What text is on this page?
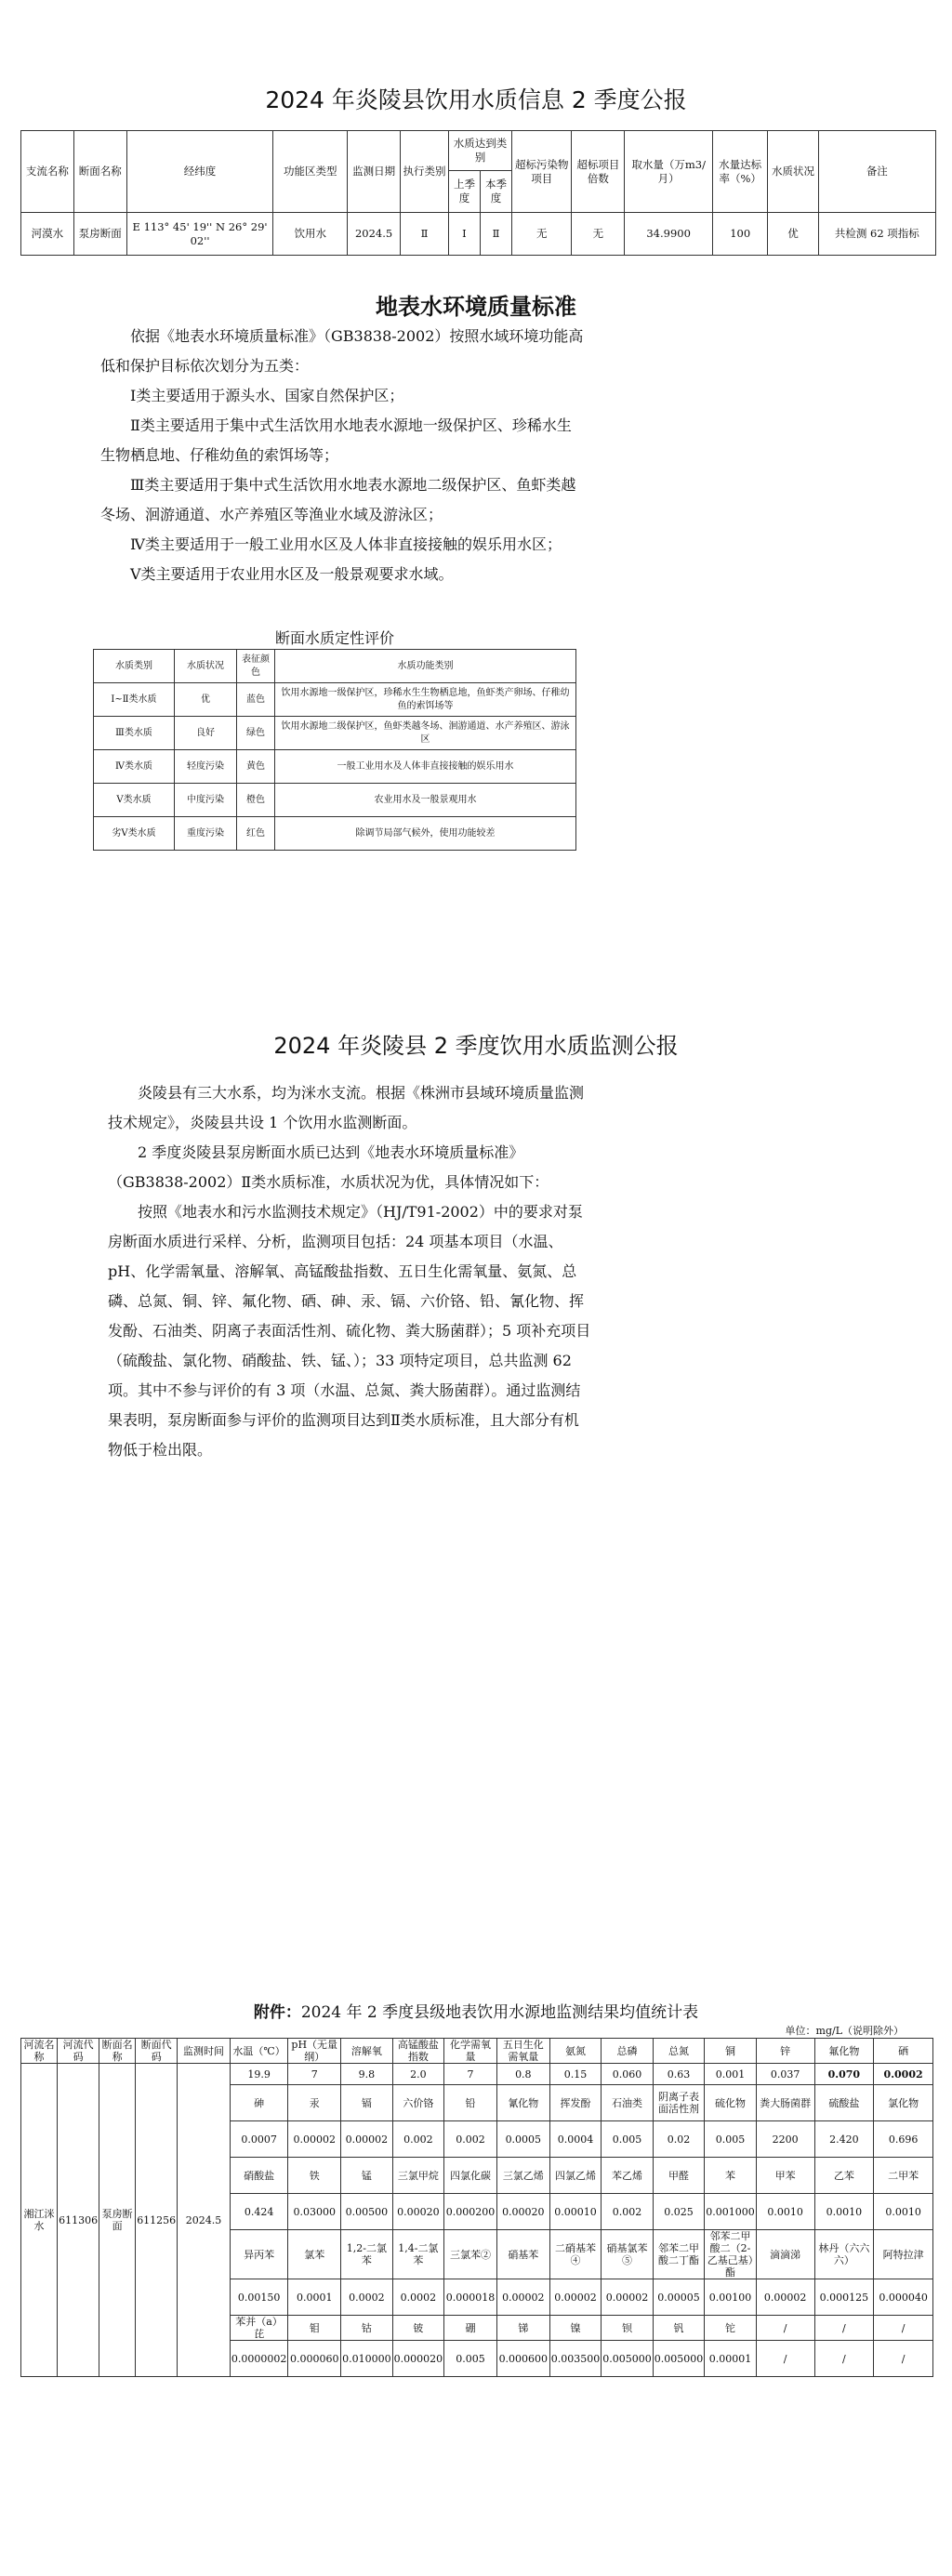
2024 年炎陵县饮用水质信息 2 季度公报
支流名称	断面名称	经纬度	功能区类型	监测日期	执行类别	水质达到类别		超标污染物项目	超标项目倍数	取水量（万m3/月）	水量达标率（%）	水质状况	备注
						上季度	本季度						

河漠水	泵房断面	E 113° 45' 19'' N 26° 29' 02''	饮用水	2024.5	Ⅱ	Ⅰ	Ⅱ	无	无	34.9900	100	优	共检测 62 项指标
地表水环境质量标准

依据《地表水环境质量标准》（GB3838-2002）按照水域环境功能高低和保护目标依次划分为五类：

Ⅰ类主要适用于源头水、国家自然保护区；

Ⅱ类主要适用于集中式生活饮用水地表水源地一级保护区、珍稀水生生物栖息地、仔稚幼鱼的索饵场等；

Ⅲ类主要适用于集中式生活饮用水地表水源地二级保护区、鱼虾类越冬场、洄游通道、水产养殖区等渔业水域及游泳区；

Ⅳ类主要适用于一般工业用水区及人体非直接接触的娱乐用水区；

Ⅴ类主要适用于农业用水区及一般景观要求水域。

断面水质定性评价
水质类别	水质状况	表征颜色	水质功能类别
Ⅰ~Ⅱ类水质	优	蓝色	饮用水源地一级保护区，珍稀水生生物栖息地，鱼虾类产卵场、仔稚幼鱼的索饵场等
Ⅲ类水质	良好	绿色	饮用水源地二级保护区，鱼虾类越冬场、洄游通道、水产养殖区、游泳区
Ⅳ类水质	轻度污染	黄色	一般工业用水及人体非直接接触的娱乐用水
Ⅴ类水质	中度污染	橙色	农业用水及一般景观用水
劣Ⅴ类水质	重度污染	红色	除调节局部气候外，使用功能较差
2024 年炎陵县 2 季度饮用水质监测公报

炎陵县有三大水系，均为洣水支流。根据《株洲市县域环境质量监测技术规定》，炎陵县共设 1 个饮用水监测断面。

2 季度炎陵县泵房断面水质已达到《地表水环境质量标准》（GB3838-2002）Ⅱ类水质标准，水质状况为优，具体情况如下：

按照《地表水和污水监测技术规定》（HJ/T91-2002）中的要求对泵房断面水质进行采样、分析，监测项目包括：24 项基本项目（水温、pH、化学需氧量、溶解氧、高锰酸盐指数、五日生化需氧量、氨氮、总磷、总氮、铜、锌、氟化物、硒、砷、汞、镉、六价铬、铅、氰化物、挥发酚、石油类、阴离子表面活性剂、硫化物、粪大肠菌群）；5 项补充项目（硫酸盐、氯化物、硝酸盐、铁、锰、）；33 项特定项目，总共监测 62 项。其中不参与评价的有 3 项（水温、总氮、粪大肠菌群）。通过监测结果表明，泵房断面参与评价的监测项目达到Ⅱ类水质标准，且大部分有机物低于检出限。

附件：2024 年 2 季度县级地表饮用水源地监测结果均值统计表
单位：mg/L（说明除外）
河流名称	河流代码	断面名称	断面代码	监测时间	水温（℃）	pH（无量纲）	溶解氧	高锰酸盐指数	化学需氧量	五日生化需氧量	氨氮	总磷	总氮	铜	锌	氟化物	硒
湘江洣水	611306	泵房断面	611256	2024.5	19.9	7	9.8	2.0	7	0.8	0.15	0.060	0.63	0.001	0.037	0.070	0.0002
					砷	汞	镉	六价铬	铅	氰化物	挥发酚	石油类	阴离子表面活性剂	硫化物	粪大肠菌群	硫酸盐	氯化物
					0.0007	0.00002	0.00002	0.002	0.002	0.0005	0.0004	0.005	0.02	0.005	2200	2.420	0.696
					硝酸盐	铁	锰	三氯甲烷	四氯化碳	三氯乙烯	四氯乙烯	苯乙烯	甲醛	苯	甲苯	乙苯	二甲苯
					0.424	0.03000	0.00500	0.00020	0.000200	0.00020	0.00010	0.002	0.025	0.001000	0.0010	0.0010	0.0010
					异丙苯	氯苯	1,2-二氯苯	1,4-二氯苯	三氯苯②	硝基苯	二硝基苯④	硝基氯苯⑤	邻苯二甲酸二丁酯	邻苯二甲酸二（2-乙基己基）酯	滴滴涕	林丹（六六六）	阿特拉津
					0.00150	0.0001	0.0002	0.0002	0.000018	0.00002	0.00002	0.00002	0.00005	0.00100	0.00002	0.000125	0.000040
					苯并（a）芘	钼	钴	铍	硼	锑	镍	钡	钒	铊	/	/	/
					0.0000002	0.000060	0.010000	0.000020	0.005	0.000600	0.003500	0.005000	0.005000	0.00001	/	/	/
